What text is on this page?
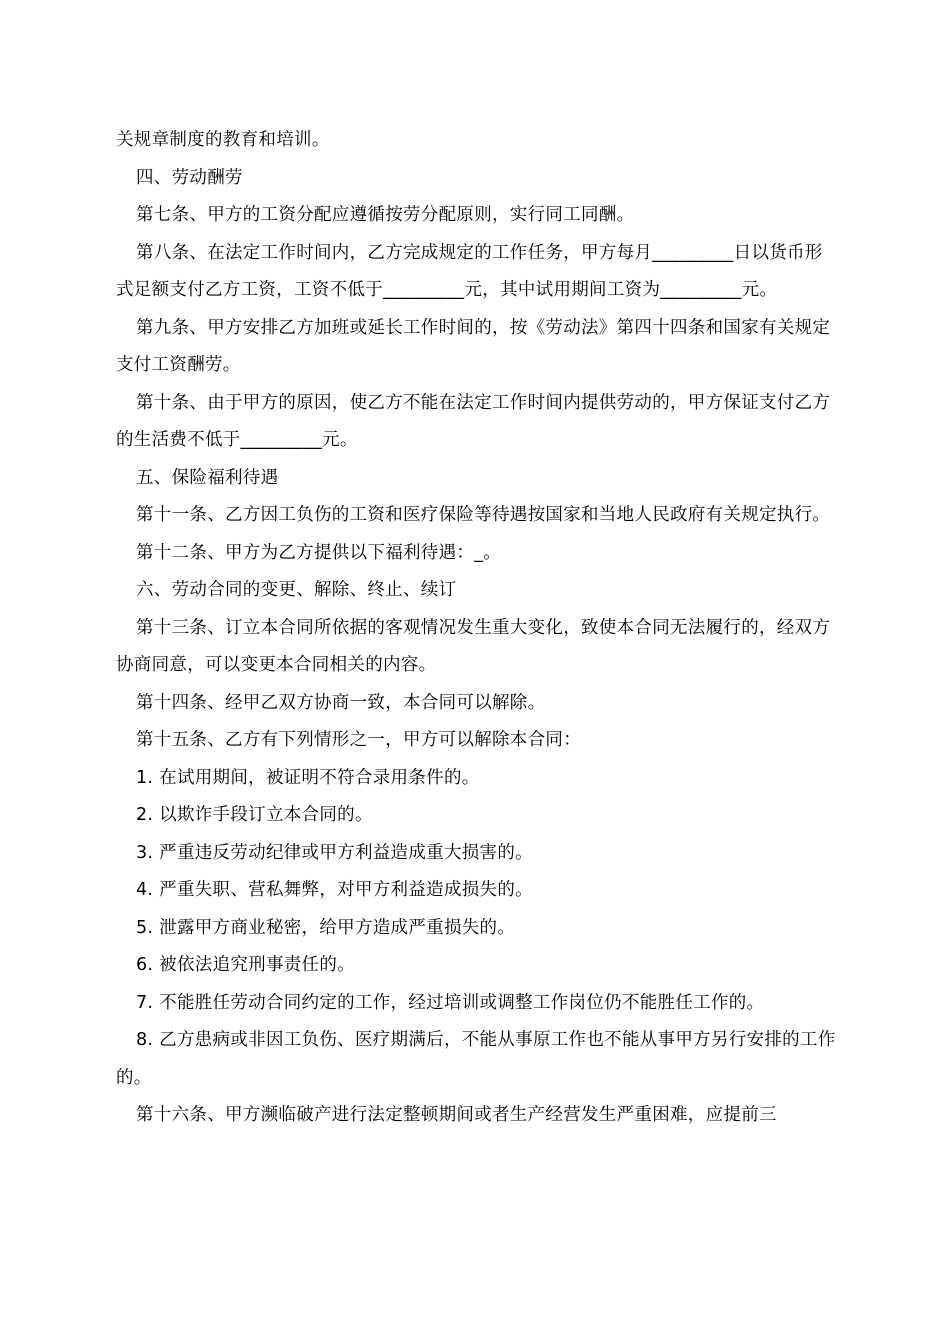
关规章制度的教育和培训。

四、劳动酬劳

第七条、甲方的工资分配应遵循按劳分配原则，实行同工同酬。

第八条、在法定工作时间内，乙方完成规定的工作任务，甲方每月_________日以货币形式足额支付乙方工资，工资不低于_________元，其中试用期间工资为_________元。

第九条、甲方安排乙方加班或延长工作时间的，按《劳动法》第四十四条和国家有关规定支付工资酬劳。

第十条、由于甲方的原因，使乙方不能在法定工作时间内提供劳动的，甲方保证支付乙方的生活费不低于_________元。

五、保险福利待遇

第十一条、乙方因工负伤的工资和医疗保险等待遇按国家和当地人民政府有关规定执行。

第十二条、甲方为乙方提供以下福利待遇：_。

六、劳动合同的变更、解除、终止、续订

第十三条、订立本合同所依据的客观情况发生重大变化，致使本合同无法履行的，经双方协商同意，可以变更本合同相关的内容。

第十四条、经甲乙双方协商一致，本合同可以解除。

第十五条、乙方有下列情形之一，甲方可以解除本合同：

1. 在试用期间，被证明不符合录用条件的。

2. 以欺诈手段订立本合同的。

3. 严重违反劳动纪律或甲方利益造成重大损害的。

4. 严重失职、营私舞弊，对甲方利益造成损失的。

5. 泄露甲方商业秘密，给甲方造成严重损失的。

6. 被依法追究刑事责任的。

7. 不能胜任劳动合同约定的工作，经过培训或调整工作岗位仍不能胜任工作的。

8. 乙方患病或非因工负伤、医疗期满后，不能从事原工作也不能从事甲方另行安排的工作的。

第十六条、甲方濒临破产进行法定整顿期间或者生产经营发生严重困难，应提前三
